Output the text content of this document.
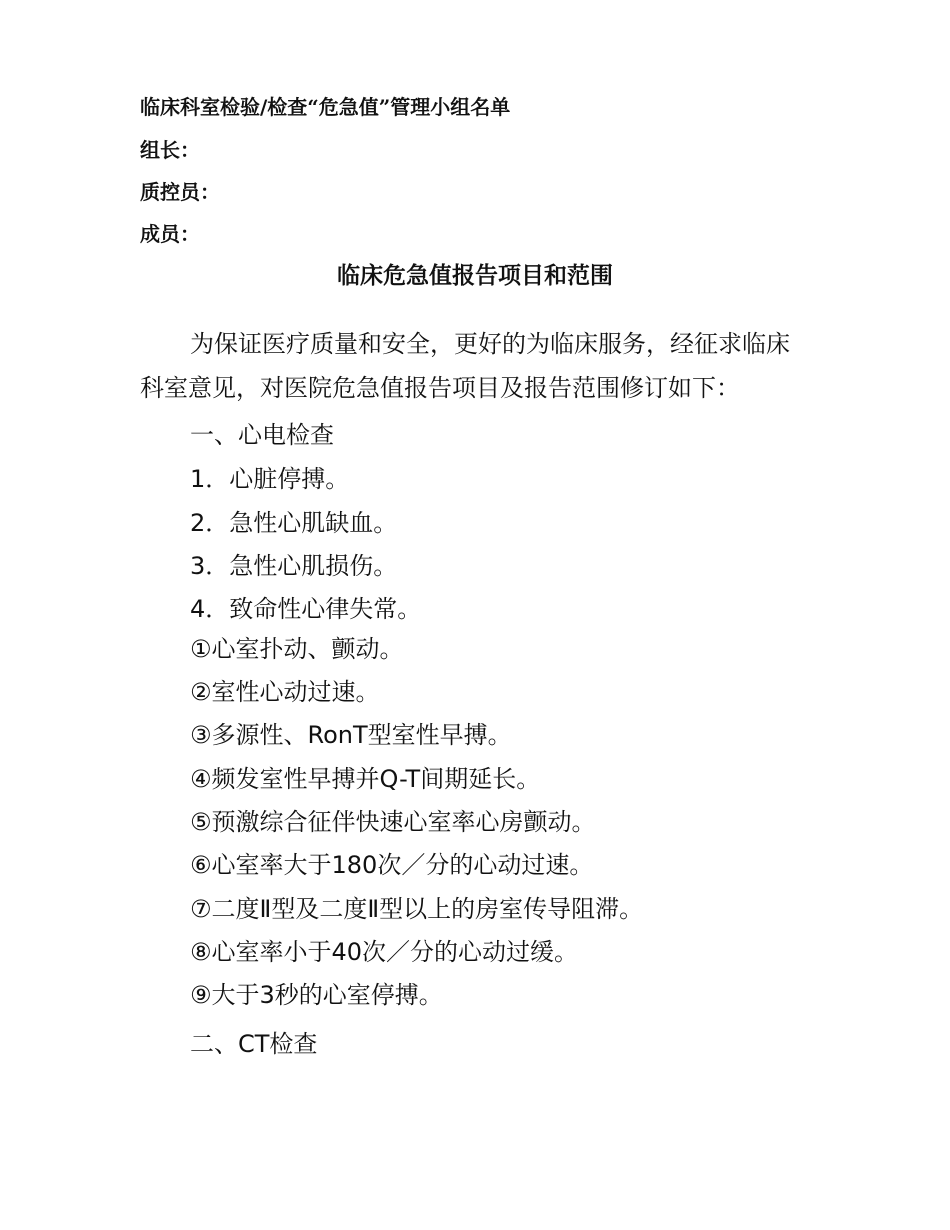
临床科室检验/检查“危急值”管理小组名单
组长：
质控员：
成员：
临床危急值报告项目和范围
为保证医疗质量和安全，更好的为临床服务，经征求临床
科室意见，对医院危急值报告项目及报告范围修订如下：
一、心电检查
1．心脏停搏。
2．急性心肌缺血。
3．急性心肌损伤。
4．致命性心律失常。
①心室扑动、颤动。
②室性心动过速。
③多源性、RonT型室性早搏。
④频发室性早搏并Q-T间期延长。
⑤预激综合征伴快速心室率心房颤动。
⑥心室率大于180次／分的心动过速。
⑦二度Ⅱ型及二度Ⅱ型以上的房室传导阻滞。
⑧心室率小于40次／分的心动过缓。
⑨大于3秒的心室停搏。
二、CT检查
